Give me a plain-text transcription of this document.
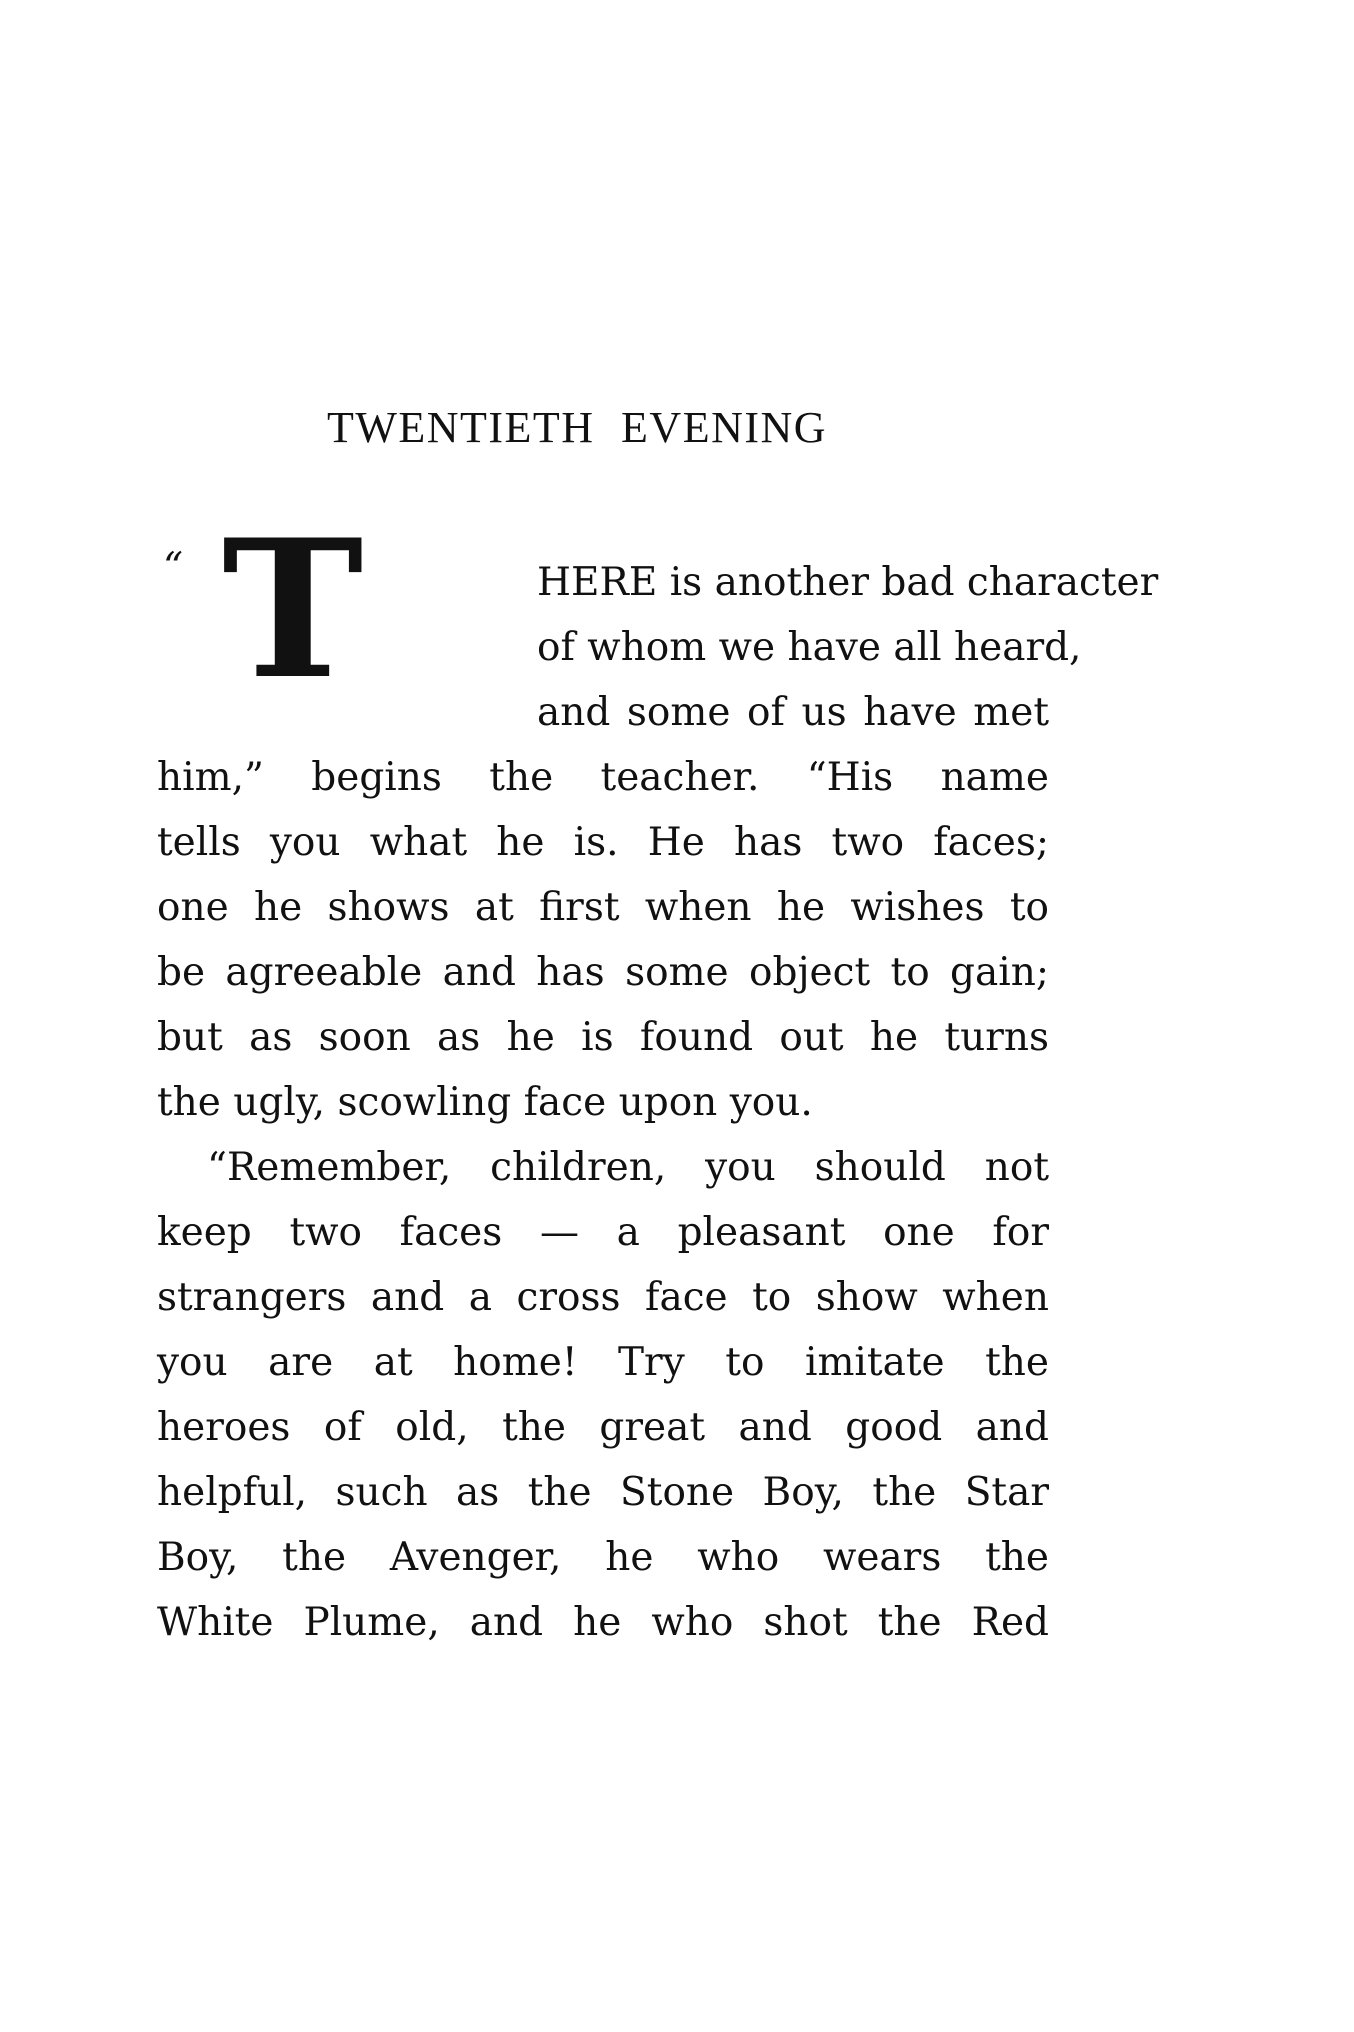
TWENTIETH EVENING
“ T	HERE is another bad character
of whom we have all heard,
and some of us have met
him,” begins the teacher. “His name
tells you what he is. He has two faces;
one he shows at first when he wishes to
be agreeable and has some object to gain;
but as soon as he is found out he turns
the ugly, scowling face upon you.
“Remember, children, you should not
keep two faces — a pleasant one for
strangers and a cross face to show when
you are at home! Try to imitate the
heroes of old, the great and good and
helpful, such as the Stone Boy, the Star
Boy, the Avenger, he who wears the
White Plume, and he who shot the Red
